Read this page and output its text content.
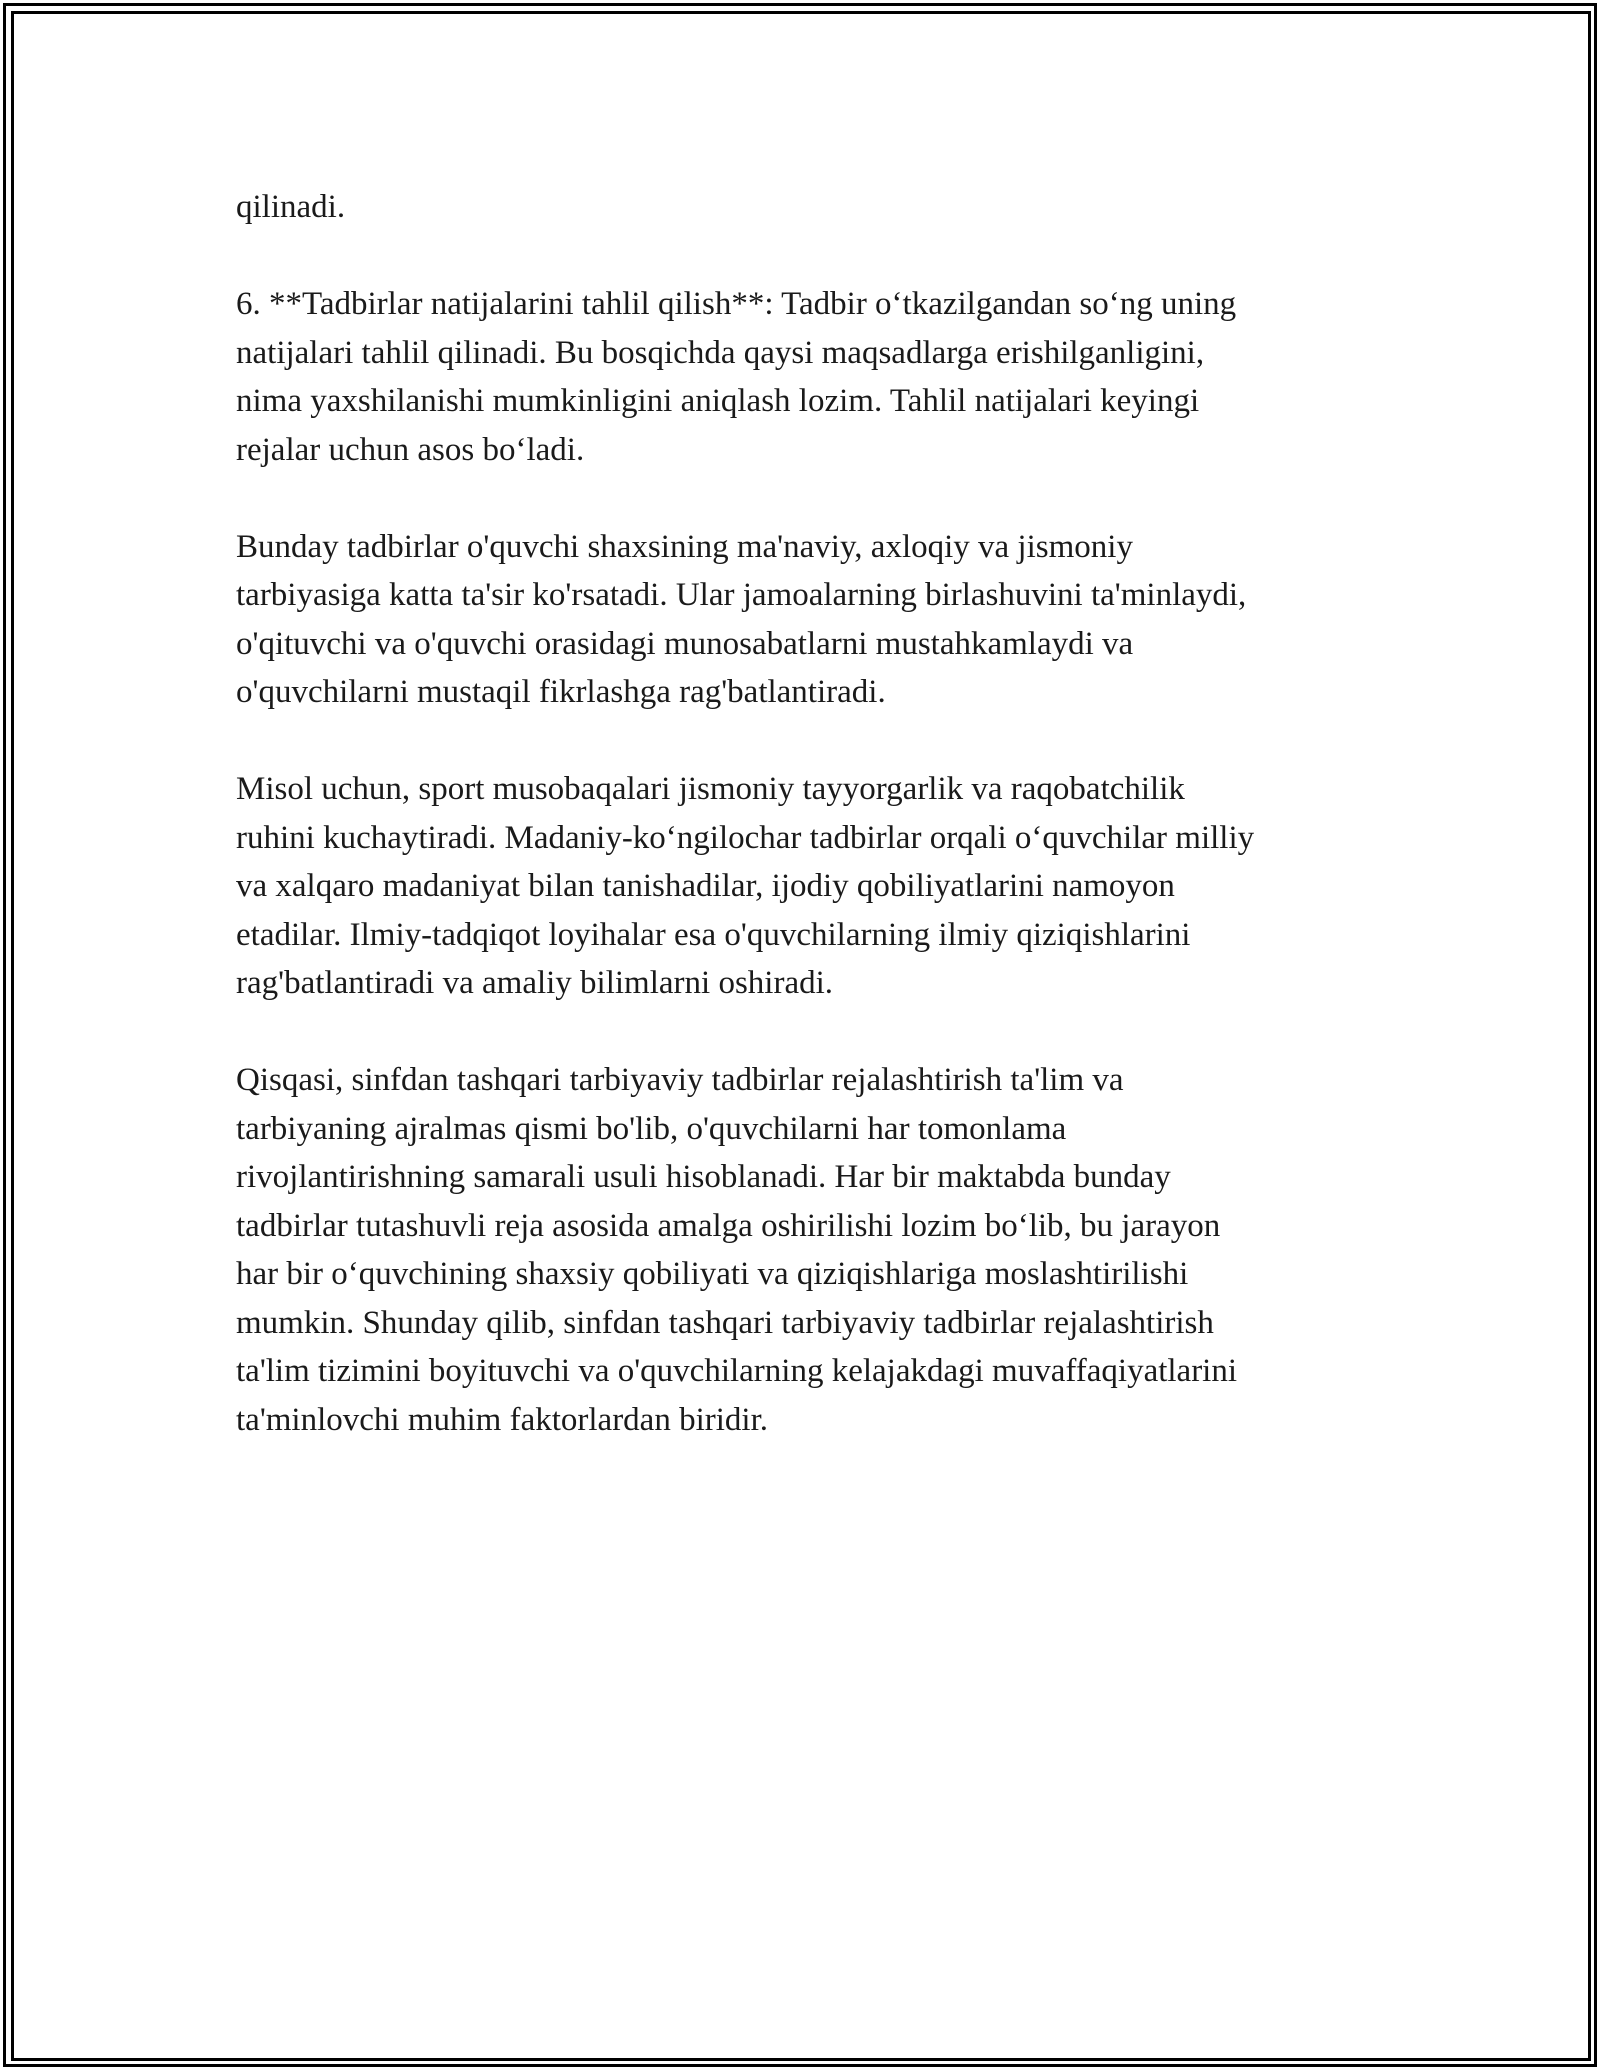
qilinadi.

6. **Tadbirlar natijalarini tahlil qilish**: Tadbir oʻtkazilgandan soʻng uning
natijalari tahlil qilinadi. Bu bosqichda qaysi maqsadlarga erishilganligini,
nima yaxshilanishi mumkinligini aniqlash lozim. Tahlil natijalari keyingi
rejalar uchun asos boʻladi.

Bunday tadbirlar o'quvchi shaxsining ma'naviy, axloqiy va jismoniy
tarbiyasiga katta ta'sir ko'rsatadi. Ular jamoalarning birlashuvini ta'minlaydi,
o'qituvchi va o'quvchi orasidagi munosabatlarni mustahkamlaydi va
o'quvchilarni mustaqil fikrlashga rag'batlantiradi.

Misol uchun, sport musobaqalari jismoniy tayyorgarlik va raqobatchilik
ruhini kuchaytiradi. Madaniy-koʻngilochar tadbirlar orqali oʻquvchilar milliy
va xalqaro madaniyat bilan tanishadilar, ijodiy qobiliyatlarini namoyon
etadilar. Ilmiy-tadqiqot loyihalar esa o'quvchilarning ilmiy qiziqishlarini
rag'batlantiradi va amaliy bilimlarni oshiradi.

Qisqasi, sinfdan tashqari tarbiyaviy tadbirlar rejalashtirish ta'lim va
tarbiyaning ajralmas qismi bo'lib, o'quvchilarni har tomonlama
rivojlantirishning samarali usuli hisoblanadi. Har bir maktabda bunday
tadbirlar tutashuvli reja asosida amalga oshirilishi lozim boʻlib, bu jarayon
har bir oʻquvchining shaxsiy qobiliyati va qiziqishlariga moslashtirilishi
mumkin. Shunday qilib, sinfdan tashqari tarbiyaviy tadbirlar rejalashtirish
ta'lim tizimini boyituvchi va o'quvchilarning kelajakdagi muvaffaqiyatlarini
ta'minlovchi muhim faktorlardan biridir.
